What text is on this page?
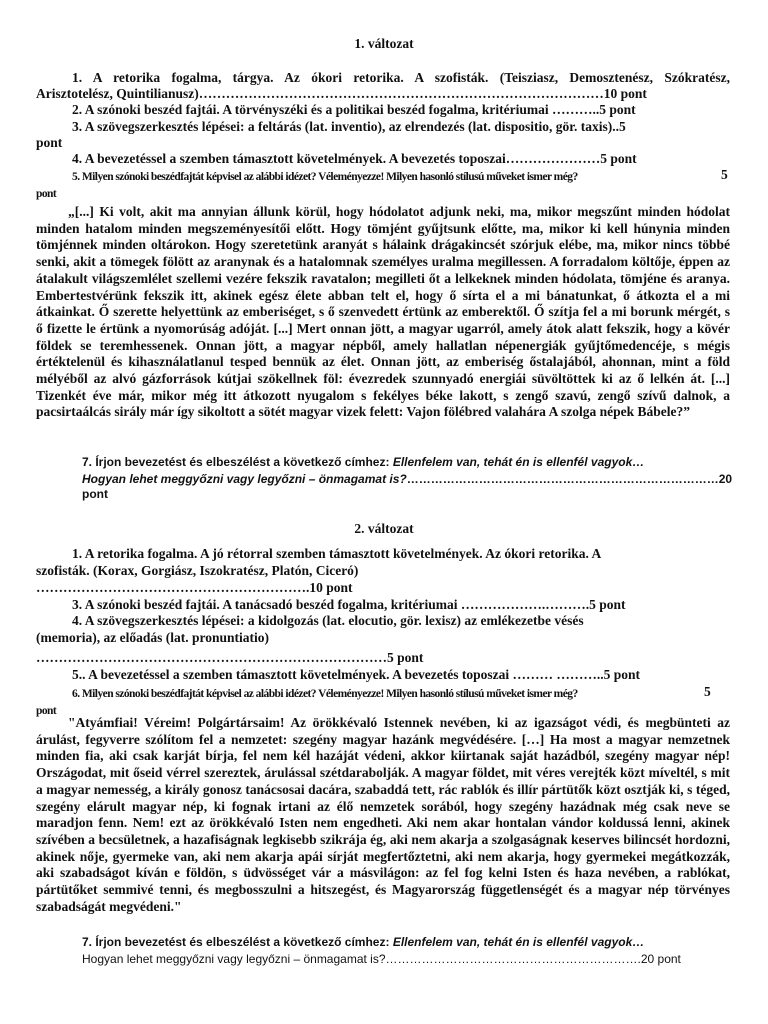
1. változat
1. A retorika fogalma, tárgya. Az ókori retorika. A szofisták. (Teisziasz, Demosztenész, Szókratész,
Arisztotelész, Quintilianusz)………………………………………………………………………………10 pont
2. A szónoki beszéd fajtái. A törvényszéki és a politikai beszéd fogalma, kritériumai ………..5 pont
3. A szövegszerkesztés lépései: a feltárás (lat. inventio), az elrendezés (lat. dispositio, gör. taxis)..5
pont
4. A bevezetéssel a szemben támasztott követelmények. A bevezetés toposzai…………………5 pont
5. Milyen szónoki beszédfajtát képvisel az alábbi idézet? Véleményezze! Milyen hasonló stílusú műveket ismer még?	5
pont
„[...] Ki volt, akit ma annyian állunk körül, hogy hódolatot adjunk neki, ma, mikor megszűnt minden hódolat minden hatalom minden megszeményesítői előtt. Hogy tömjént gyűjtsunk előtte, ma, mikor ki kell húnynia minden tömjénnek minden oltárokon. Hogy szeretetünk aranyát s hálaink drágakincsét szórjuk elébe, ma, mikor nincs többé senki, akit a tömegek fölött az aranynak és a hatalomnak személyes uralma megillessen. A forradalom költője, éppen az átalakult világszemlélet szellemi vezére fekszik ravatalon; megilleti őt a lelkeknek minden hódolata, tömjéne és aranya. Embertestvérünk fekszik itt, akinek egész élete abban telt el, hogy ő sírta el a mi bánatunkat, ő átkozta el a mi átkainkat. Ő szerette helyettünk az emberiséget, s ő szenvedett értünk az emberektől. Ő szítja fel a mi borunk mérgét, s ő fizette le értünk a nyomorúság adóját. [...] Mert onnan jött, a magyar ugarról, amely átok alatt fekszik, hogy a kövér földek se teremhessenek. Onnan jött, a magyar népből, amely hallatlan népenergiák gyűjtőmedencéje, s mégis értéktelenül és kihasználatlanul tesped bennük az élet. Onnan jött, az emberiség őstalajából, ahonnan, mint a föld mélyéből az alvó gázforrások kútjai szökellnek föl: évezredek szunnyadó energiái süvöltöttek ki az ő lelkén át. [...] Tizenkét éve már, mikor még itt átkozott nyugalom s fekélyes béke lakott, s zengő szavú, zengő szívű dalnok, a pacsirtaálcás sirály már így sikoltott a sötét magyar vizek felett: Vajon fölébred valahára A szolga népek Bábele?”
7. Írjon bevezetést és elbeszélést a következő címhez: Ellenfelem van, tehát én is ellenfél vagyok…
Hogyan lehet meggyőzni vagy legyőzni – önmagamat is?……………………………………………………………………20
pont
2. változat
1. A retorika fogalma. A jó rétorral szemben támasztott követelmények. Az ókori retorika. A
szofisták. (Korax, Gorgiász, Iszokratész, Platón, Ciceró)
…………………………………………………….10 pont
3. A szónoki beszéd fajtái. A tanácsadó beszéd fogalma, kritériumai ……………….……….5 pont
4. A szövegszerkesztés lépései: a kidolgozás (lat. elocutio, gör. lexisz) az emlékezetbe vésés
(memoria), az előadás (lat. pronuntiatio)
……………………………………………………………………5 pont
5.. A bevezetéssel a szemben támasztott követelmények. A bevezetés toposzai ……… ………..5 pont
6. Milyen szónoki beszédfajtát képvisel az alábbi idézet? Véleményezze! Milyen hasonló stílusú műveket ismer még?	5
pont
"Atyámfiai! Véreim! Polgártársaim! Az örökkévaló Istennek nevében, ki az igazságot védi, és megbünteti az árulást, fegyverre szólítom fel a nemzetet: szegény magyar hazánk megvédésére. […] Ha most a magyar nemzetnek minden fia, aki csak karját bírja, fel nem kél hazáját védeni, akkor kiirtanak saját hazádból, szegény magyar nép! Országodat, mit őseid vérrel szereztek, árulással szétdarabolják. A magyar földet, mit véres verejték közt míveltél, s mit a magyar nemesség, a király gonosz tanácsosai dacára, szabaddá tett, rác rablók és illír pártütők közt osztják ki, s téged, szegény elárult magyar nép, ki fognak irtani az élő nemzetek sorából, hogy szegény hazádnak még csak neve se maradjon fenn. Nem! ezt az örökkévaló Isten nem engedheti. Aki nem akar hontalan vándor koldussá lenni, akinek szívében a becsületnek, a hazafiságnak legkisebb szikrája ég, aki nem akarja a szolgaságnak keserves bilincsét hordozni, akinek nője, gyermeke van, aki nem akarja apái sírját megfertőztetni, aki nem akarja, hogy gyermekei megátkozzák, aki szabadságot kíván e földön, s üdvösséget vár a másvilágon: az fel fog kelni Isten és haza nevében, a rablókat, pártütőket semmivé tenni, és megbosszulni a hitszegést, és Magyarország függetlenségét és a magyar nép törvényes szabadságát megvédeni."
7. Írjon bevezetést és elbeszélést a következő címhez: Ellenfelem van, tehát én is ellenfél vagyok…
Hogyan lehet meggyőzni vagy legyőzni – önmagamat is?……………………………………………………….20 pont
